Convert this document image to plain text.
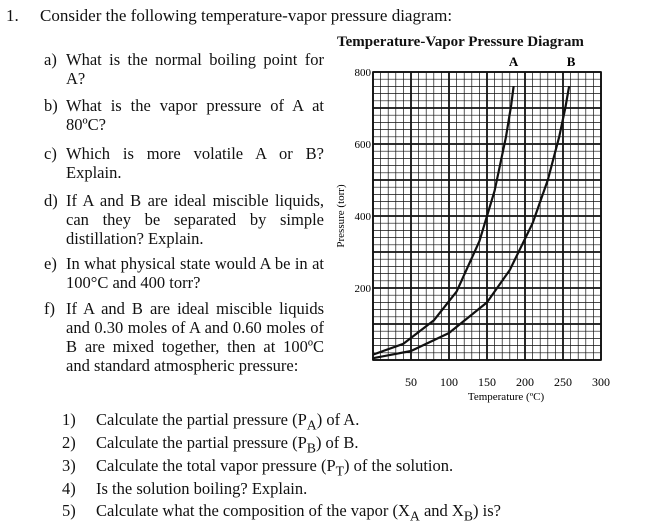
1. Consider the following temperature-vapor pressure diagram:
a) What is the normal boiling point for A?
b) What is the vapor pressure of A at 80ºC?
c) Which is more volatile A or B? Explain.
d) If A and B are ideal miscible liquids, can they be separated by simple distillation? Explain.
e) In what physical state would A be in at 100°C and 400 torr?
f) If A and B are ideal miscible liquids and 0.30 moles of A and 0.60 moles of B are mixed together, then at 100ºC and standard atmospheric pressure:
1) Calculate the partial pressure $(P_A)$ of A.
2) Calculate the partial pressure $(P_B)$ of B.
3) Calculate the total vapor pressure $(P_T)$ of the solution.
4) Is the solution boiling? Explain.
5) Calculate what the composition of the vapor ($X_A$ and $X_B$) is?
Temperature-Vapor Pressure Diagram
200
400
600
800
50 100 150 200 250 300
A	B
Pressure (torr)
Temperature (ºC)
